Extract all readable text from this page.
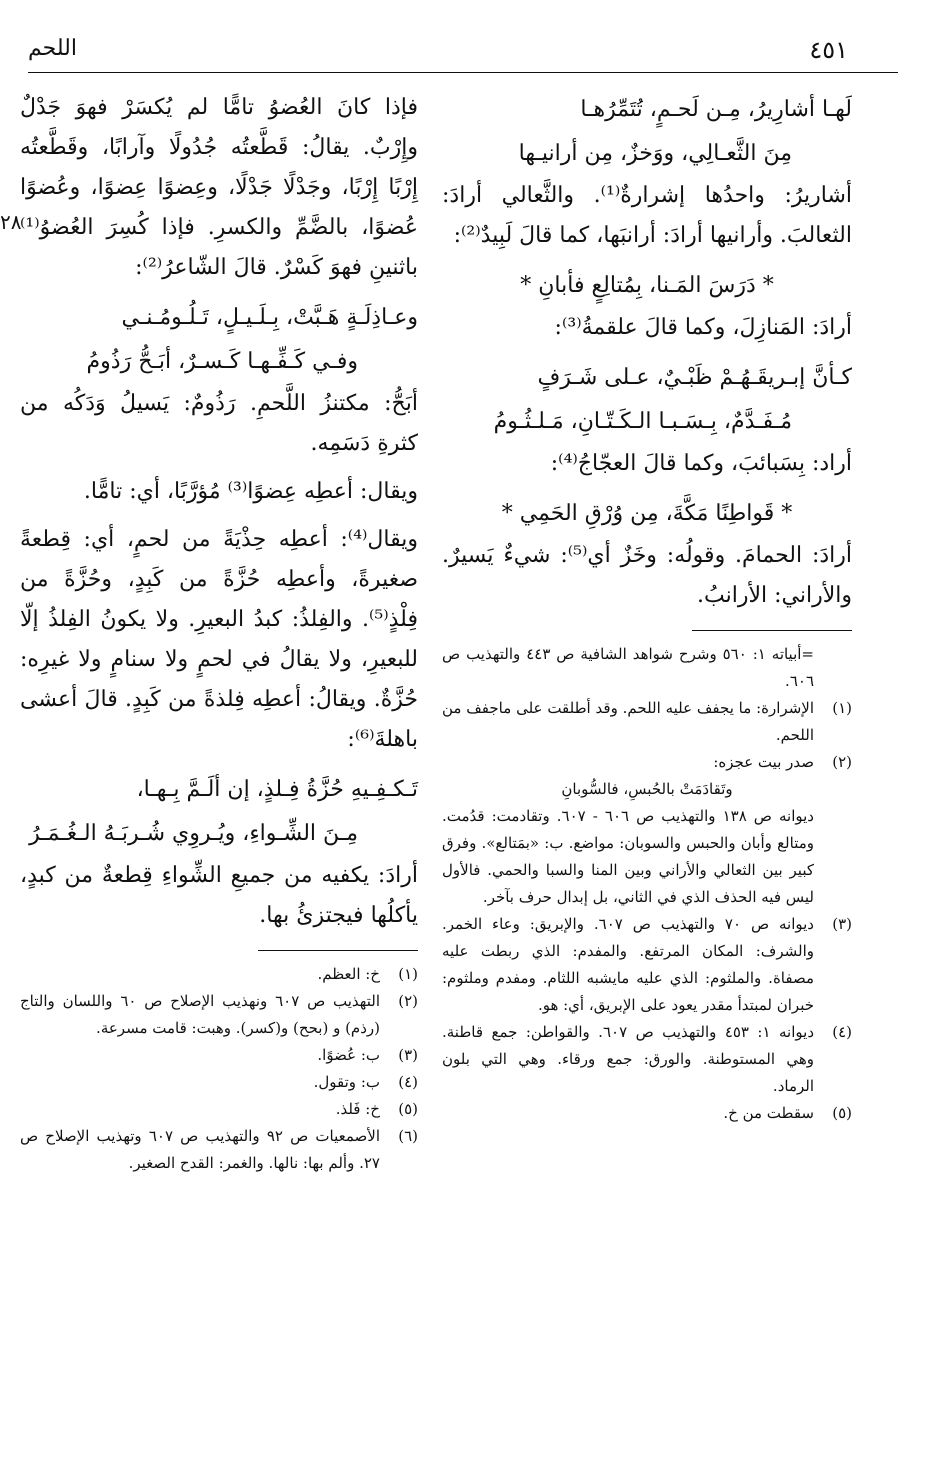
٤٥١
اللحم
٢٨

لَهـا أشارِيرُ، مِـن لَحـمٍ، تُتَمِّرُهـا

مِنَ الثَّعـالِي، ووَخزٌ، مِن أرانيـها

أشاريرُ: واحدُها إشرارةٌ⁽¹⁾. والثَّعالي أرادَ: الثعالبَ. وأرانيها أرادَ: أرانبَها، كما قالَ لَبِيدٌ⁽²⁾:

* دَرَسَ المَـنا، بِمُتالِعٍ فأبانِ *

أرادَ: المَنازِلَ، وكما قالَ علقمةُ⁽³⁾:

كـأنَّ إبـريقَـهُـمْ ظَبْـيٌ، عـلى شَـرَفٍ

مُـفَـدَّمٌ، بِـسَـبـا الـكَـتّـانِ، مَـلـثُـومُ

أراد: بِسَبائبَ، وكما قالَ العجّاجُ⁽⁴⁾:

* قَواطِنًا مَكَّةَ، مِن وُرْقِ الحَمِي *

أرادَ: الحمامَ. وقولُه: وخَزٌ أي⁽⁵⁾: شيءٌ يَسيرٌ. والأراني: الأرانبُ.

=أبياته ١: ٥٦٠ وشرح شواهد الشافية ص ٤٤٣ والتهذيب ص ٦٠٦.

(١)
الإشرارة: ما يجفف عليه اللحم. وقد أطلقت على ماجفف من اللحم.
(٢)
صدر بيت عجزه:

وتَقادَمَتْ بالحُبسِ، فالسُّوبانِ

ديوانه ص ١٣٨ والتهذيب ص ٦٠٦ - ٦٠٧. وتقادمت: قدُمت. ومتالع وأبان والحبس والسوبان: مواضع. ب: «بمَتالع». وفرق كبير بين الثعالي والأراني وبين المنا والسبا والحمي. فالأول ليس فيه الحذف الذي في الثاني، بل إبدال حرف بآخر.

(٣)
ديوانه ص ٧٠ والتهذيب ص ٦٠٧. والإبريق: وعاء الخمر. والشرف: المكان المرتفع. والمفدم: الذي ربطت عليه مصفاة. والملثوم: الذي عليه مايشبه اللثام. ومفدم وملثوم: خبران لمبتدأ مقدر يعود على الإبريق، أي: هو.
(٤)
ديوانه ١: ٤٥٣ والتهذيب ص ٦٠٧. والقواطن: جمع قاطنة. وهي المستوطنة. والورق: جمع ورقاء. وهي التي بلون الرماد.
(٥)
سقطت من خ.

فإذا كانَ العُضوُ تامًّا لم يُكسَرْ فهوَ جَدْلٌ وإِرْبٌ. يقالُ: قَطَّعتُه جُدُولًا وآرابًا، وقَطَّعتُه إِرْبًا إِرْبًا، وجَدْلًا جَدْلًا، وعِضوًا عِضوًا، وعُضوًا عُضوًا، بالضَّمِّ والكسرِ. فإذا كُسِرَ العُضوُ⁽¹⁾ باثنينِ فهوَ كَسْرٌ. قالَ الشّاعرُ⁽²⁾:

وعـاذِلَـةٍ هَـبَّتْ، بِـلَـيـلٍ، تَـلُـومُـنـي

وفـي كَـفِّـهـا كَـسـرٌ، أبَـحُّ رَذُومُ

أبَحُّ: مكتنزُ اللَّحمِ. رَذُومٌ: يَسيلُ وَدَكُه من كثرةِ دَسَمِه.

ويقال: أعطِه عِضوًا⁽³⁾ مُؤرَّبًا، أي: تامًّا.

ويقال⁽⁴⁾: أعطِه حِذْيَةً من لحمٍ، أي: قِطعةً صغيرةً، وأعطِه حُزَّةً من كَبِدٍ، وحُزَّةً من فِلْذٍ⁽⁵⁾. والفِلذُ: كبدُ البعيرِ. ولا يكونُ الفِلذُ إلّا للبعيرِ، ولا يقالُ في لحمٍ ولا سنامٍ ولا غيرِه: حُزَّةٌ. ويقالُ: أعطِه فِلذةً من كَبِدٍ. قالَ أعشى باهلةَ⁽⁶⁾:

تَـكـفِـيهِ حُزَّةُ فِـلذٍ، إن ألَـمَّ بِـهـا،

مِـنَ الشِّـواءِ، ويُـروِي شُـربَـهُ الـغُـمَـرُ

أرادَ: يكفيه من جميعِ الشِّواءِ قِطعةٌ من كبدٍ، يأكلُها فيجتزئُ بها.

(١)
خ: العظم.
(٢)
التهذيب ص ٦٠٧ ونهذيب الإصلاح ص ٦٠ واللسان والتاج (رذم) و (بحح) و(كسر). وهبت: قامت مسرعة.
(٣)
ب: عُضوًا.
(٤)
ب: وتقول.
(٥)
خ: فَلذ.
(٦)
الأصمعيات ص ٩٢ والتهذيب ص ٦٠٧ وتهذيب الإصلاح ص ٢٧. وألم بها: نالها. والغمر: القدح الصغير.
